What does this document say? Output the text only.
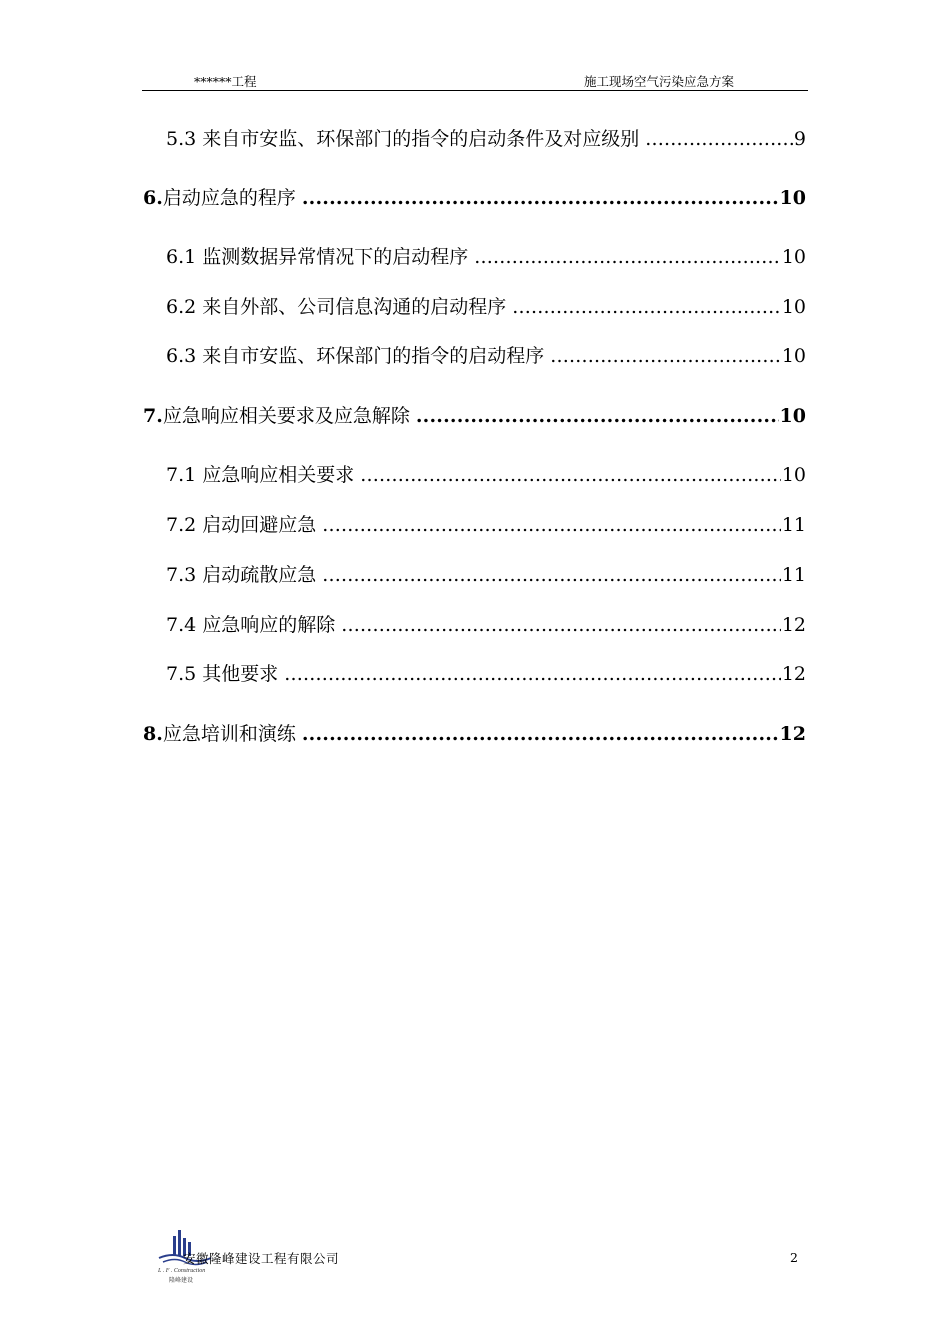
******工程	施工现场空气污染应急方案
5.3 来自市安监、环保部门的指令的启动条件及对应级别 .....	9
6.启动应急的程序 .....	10
6.1 监测数据异常情况下的启动程序 .....	10
6.2 来自外部、公司信息沟通的启动程序 .....	10
6.3 来自市安监、环保部门的指令的启动程序 .....	10
7.应急响应相关要求及应急解除 .....	10
7.1 应急响应相关要求 .....	10
7.2 启动回避应急 .....	11
7.3 启动疏散应急 .....	11
7.4 应急响应的解除 .....	12
7.5 其他要求 .....	12
8.应急培训和演练 .....	12
L . F . Construction
隆峰建设
安徽隆峰建设工程有限公司	2
